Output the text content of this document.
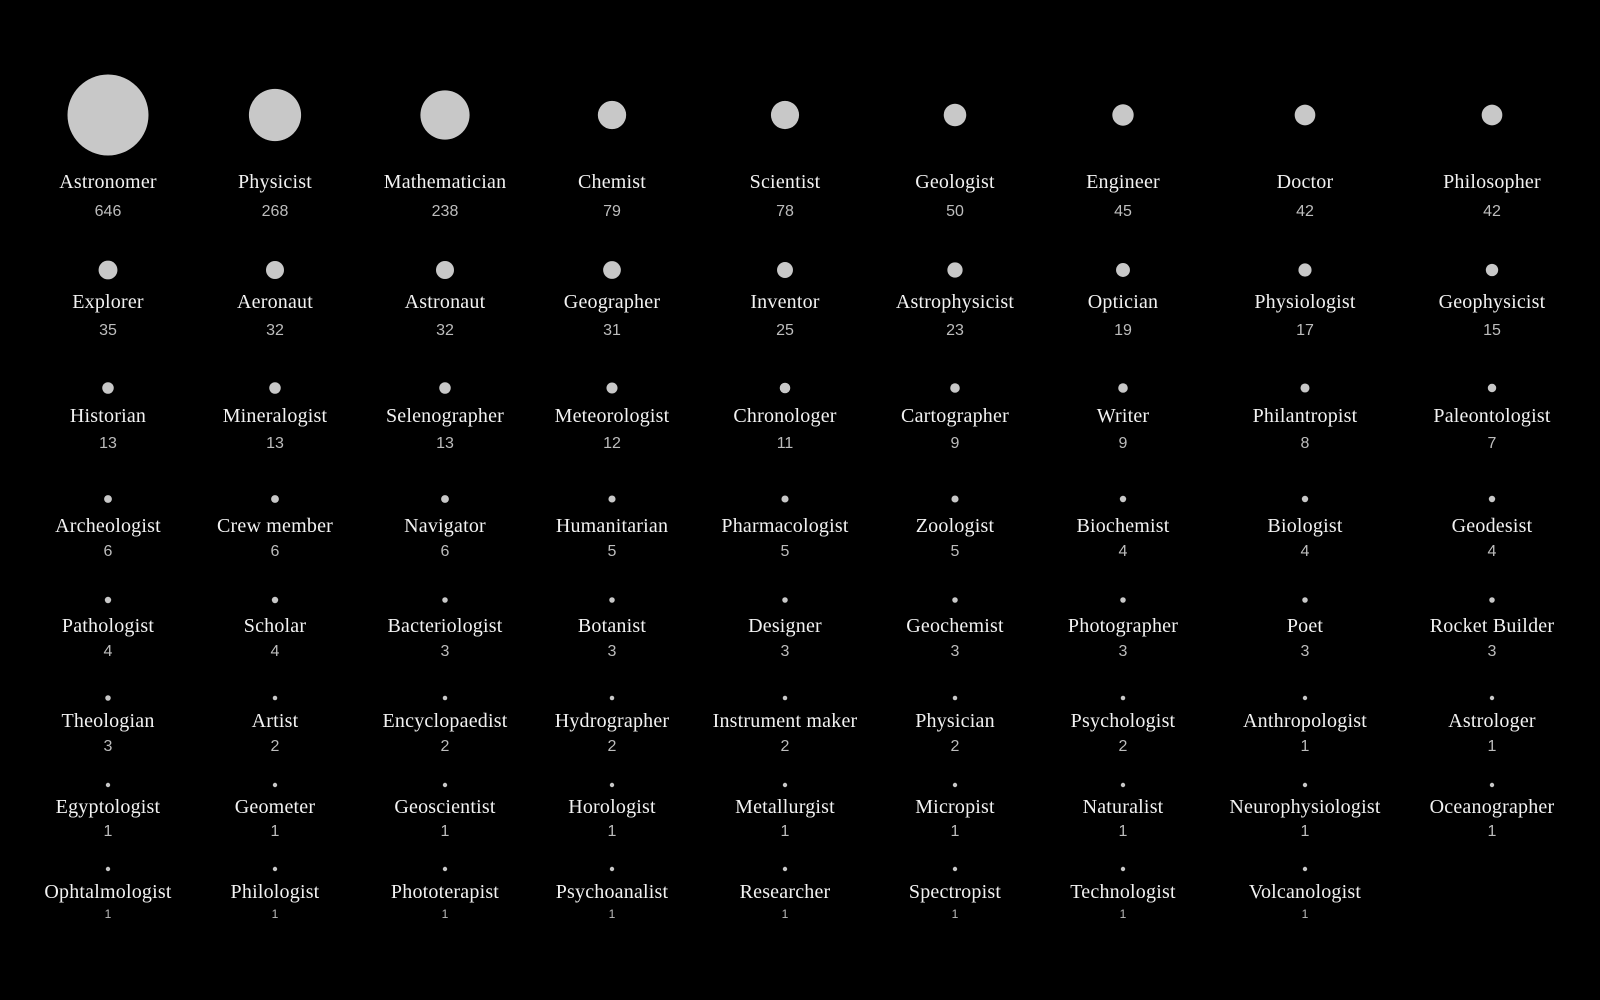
Astronomer
646
Physicist
268
Mathematician
238
Chemist
79
Scientist
78
Geologist
50
Engineer
45
Doctor
42
Philosopher
42
Explorer
35
Aeronaut
32
Astronaut
32
Geographer
31
Inventor
25
Astrophysicist
23
Optician
19
Physiologist
17
Geophysicist
15
Historian
13
Mineralogist
13
Selenographer
13
Meteorologist
12
Chronologer
11
Cartographer
9
Writer
9
Philantropist
8
Paleontologist
7
Archeologist
6
Crew member
6
Navigator
6
Humanitarian
5
Pharmacologist
5
Zoologist
5
Biochemist
4
Biologist
4
Geodesist
4
Pathologist
4
Scholar
4
Bacteriologist
3
Botanist
3
Designer
3
Geochemist
3
Photographer
3
Poet
3
Rocket Builder
3
Theologian
3
Artist
2
Encyclopaedist
2
Hydrographer
2
Instrument maker
2
Physician
2
Psychologist
2
Anthropologist
1
Astrologer
1
Egyptologist
1
Geometer
1
Geoscientist
1
Horologist
1
Metallurgist
1
Micropist
1
Naturalist
1
Neurophysiologist
1
Oceanographer
1
Ophtalmologist
1
Philologist
1
Phototerapist
1
Psychoanalist
1
Researcher
1
Spectropist
1
Technologist
1
Volcanologist
1
